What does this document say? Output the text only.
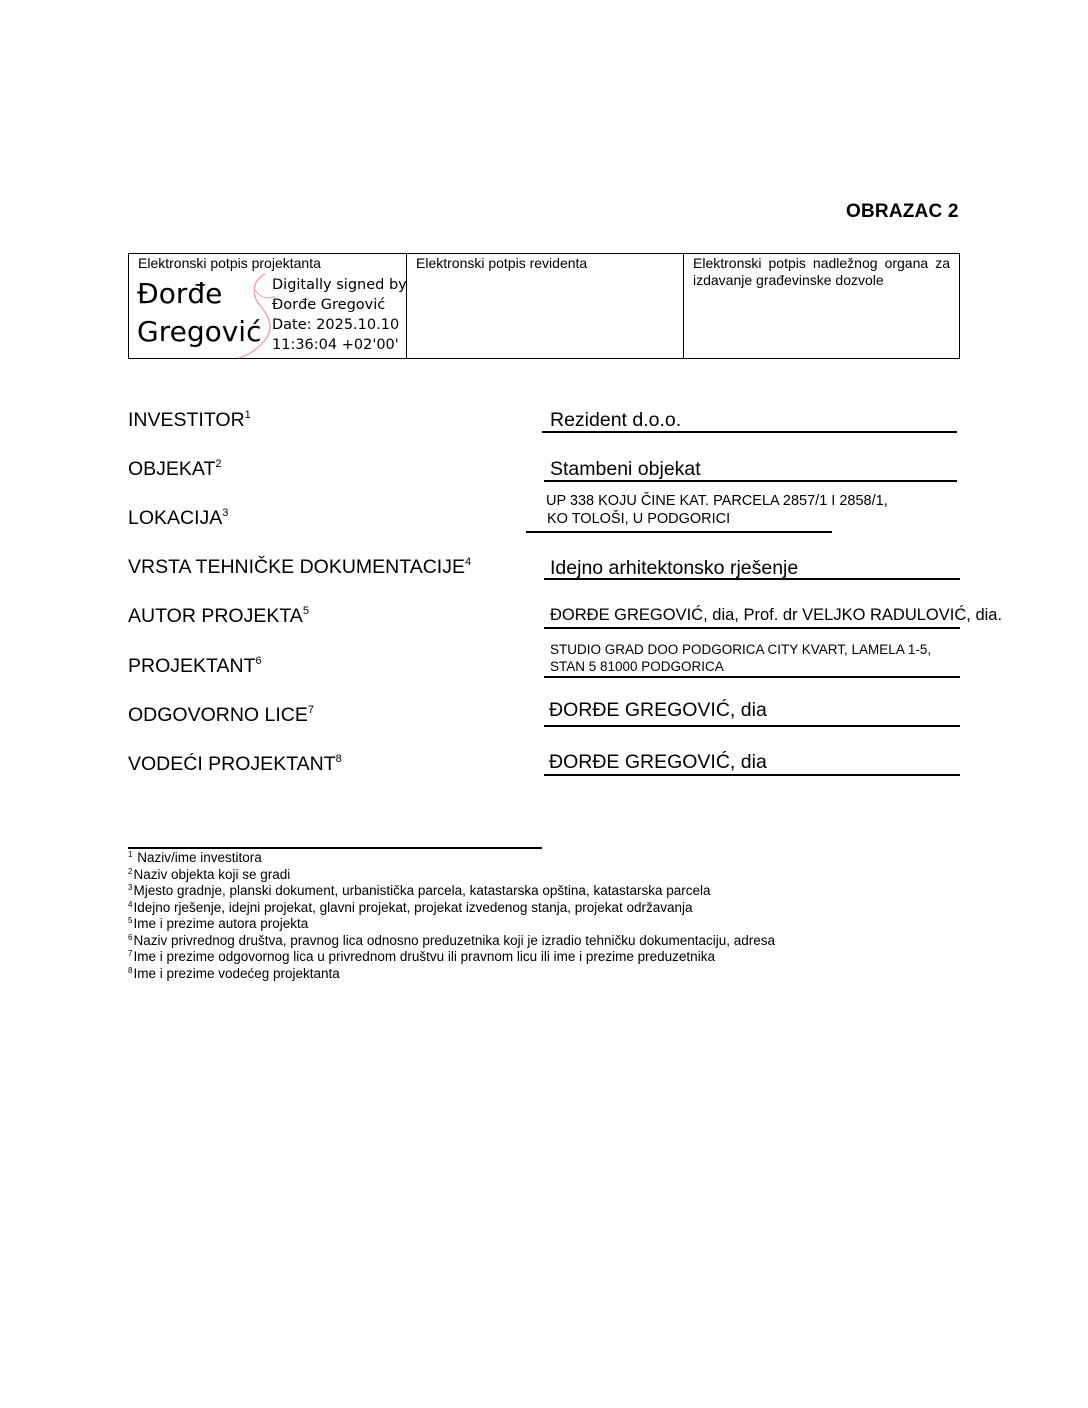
OBRAZAC 2
Elektronski potpis projektanta
Đorđe
Gregović
Digitally signed by
Đorđe Gregović
Date: 2025.10.10
11:36:04 +02'00'
Elektronski potpis revidenta	Elektronski potpis nadležnog organa za izdavanje građevinske dozvole
INVESTITOR$^1$	Rezident d.o.o.
OBJEKAT$^2$	Stambeni objekat
LOKACIJA$^3$
UP 338 KOJU ČINE KAT. PARCELA 2857/1 I 2858/1,
KO TOLOŠI, U PODGORICI
VRSTA TEHNIČKE DOKUMENTACIJE$^4$	Idejno arhitektonsko rješenje
AUTOR PROJEKTA$^5$	ĐORĐE GREGOVIĆ, dia, Prof. dr VELJKO RADULOVIĆ, dia.
PROJEKTANT$^6$
STUDIO GRAD DOO PODGORICA CITY KVART, LAMELA 1-5,
STAN 5 81000 PODGORICA
ODGOVORNO LICE$^7$	ĐORĐE GREGOVIĆ, dia
VODEĆI PROJEKTANT$^8$	ĐORĐE GREGOVIĆ, dia
$^1$ Naziv/ime investitora
$^2$Naziv objekta koji se gradi
$^3$Mjesto gradnje, planski dokument, urbanistička parcela, katastarska opština, katastarska parcela
$^4$Idejno rješenje, idejni projekat, glavni projekat, projekat izvedenog stanja, projekat održavanja
$^5$Ime i prezime autora projekta
$^6$Naziv privrednog društva, pravnog lica odnosno preduzetnika koji je izradio tehničku dokumentaciju, adresa
$^7$Ime i prezime odgovornog lica u privrednom društvu ili pravnom licu ili ime i prezime preduzetnika
$^8$Ime i prezime vodećeg projektanta
